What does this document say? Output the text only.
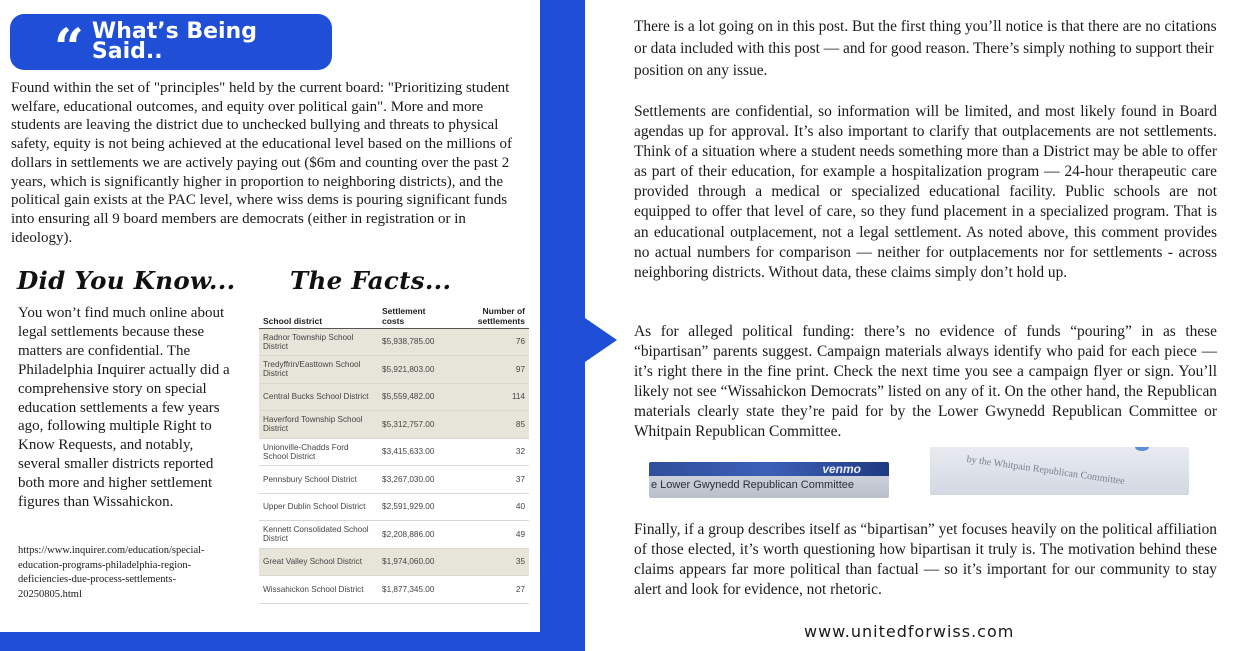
“ What’s Being Said..

Found within the set of "principles" held by the current board: "Prioritizing student welfare, educational outcomes, and equity over political gain". More and more students are leaving the district due to unchecked bullying and threats to physical safety, equity is not being achieved at the educational level based on the millions of dollars in settlements we are actively paying out ($6m and counting over the past 2 years, which is significantly higher in proportion to neighboring districts), and the political gain exists at the PAC level, where wiss dems is pouring significant funds into ensuring all 9 board members are democrats (either in registration or in ideology).

Did You Know... The Facts...

You won’t find much online about legal settlements because these matters are confidential. The Philadelphia Inquirer actually did a comprehensive story on special education settlements a few years ago, following multiple Right to Know Requests, and notably, several smaller districts reported both more and higher settlement figures than Wissahickon.

https://www.inquirer.com/education/special-education-programs-philadelphia-region-deficiencies-due-process-settlements-20250805.html

School district	Settlement costs	Number of settlements
Radnor Township School District	$5,938,785.00	76
Tredyffrin/Easttown School District	$5,921,803.00	97
Central Bucks School District	$5,559,482.00	114
Haverford Township School District	$5,312,757.00	85
Unionville-Chadds Ford School District	$3,415,633.00	32
Pennsbury School District	$3,267,030.00	37
Upper Dublin School District	$2,591,929.00	40
Kennett Consolidated School District	$2,208,886.00	49
Great Valley School District	$1,974,060.00	35
Wissahickon School District	$1,877,345.00	27

There is a lot going on in this post. But the first thing you’ll notice is that there are no citations or data included with this post — and for good reason. There’s simply nothing to support their position on any issue.

Settlements are confidential, so information will be limited, and most likely found in Board agendas up for approval. It’s also important to clarify that outplacements are not settlements. Think of a situation where a student needs something more than a District may be able to offer as part of their education, for example a hospitalization program — 24-hour therapeutic care provided through a medical or specialized educational facility. Public schools are not equipped to offer that level of care, so they fund placement in a specialized program. That is an educational outplacement, not a legal settlement. As noted above, this comment provides no actual numbers for comparison — neither for outplacements nor for settlements - across neighboring districts. Without data, these claims simply don’t hold up.

As for alleged political funding: there’s no evidence of funds “pouring” in as these “bipartisan” parents suggest. Campaign materials always identify who paid for each piece — it’s right there in the fine print. Check the next time you see a campaign flyer or sign. You’ll likely not see “Wissahickon Democrats” listed on any of it. On the other hand, the Republican materials clearly state they’re paid for by the Lower Gwynedd Republican Committee or Whitpain Republican Committee.

venmo
e Lower Gwynedd Republican Committee	by the Whitpain Republican Committee

Finally, if a group describes itself as “bipartisan” yet focuses heavily on the political affiliation of those elected, it’s worth questioning how bipartisan it truly is. The motivation behind these claims appears far more political than factual — so it’s important for our community to stay alert and look for evidence, not rhetoric.

www.unitedforwiss.com
